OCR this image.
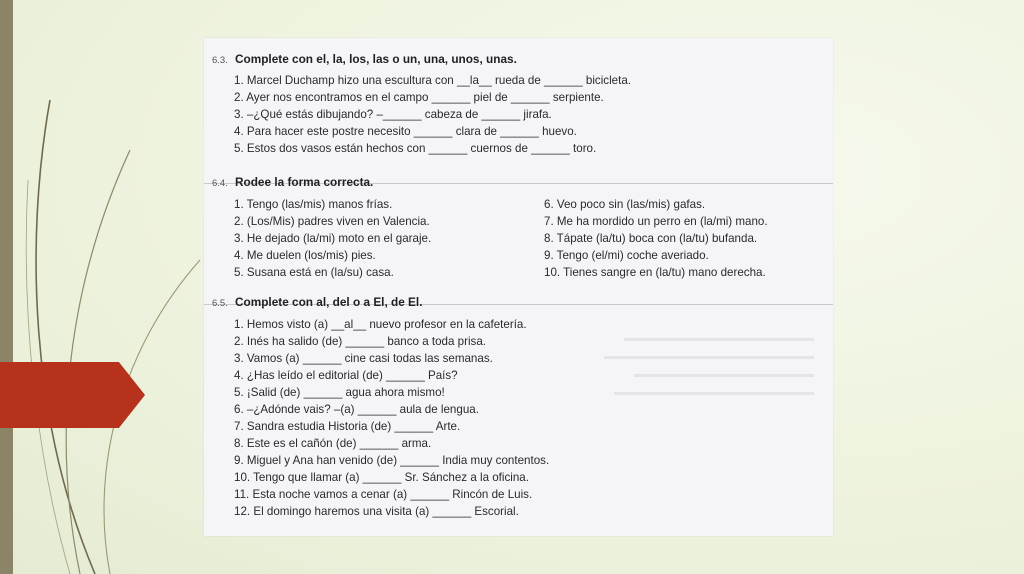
6.3. Complete con el, la, los, las o un, una, unos, unas.
1. Marcel Duchamp hizo una escultura con __la__ rueda de ______ bicicleta.
2. Ayer nos encontramos en el campo ______ piel de ______ serpiente.
3. –¿Qué estás dibujando? –______ cabeza de ______ jirafa.
4. Para hacer este postre necesito ______ clara de ______ huevo.
5. Estos dos vasos están hechos con ______ cuernos de ______ toro.
6.4. Rodee la forma correcta.
1. Tengo (las/mis) manos frías.
2. (Los/Mis) padres viven en Valencia.
3. He dejado (la/mi) moto en el garaje.
4. Me duelen (los/mis) pies.
5. Susana está en (la/su) casa.
6. Veo poco sin (las/mis) gafas.
7. Me ha mordido un perro en (la/mi) mano.
8. Tápate (la/tu) boca con (la/tu) bufanda.
9. Tengo (el/mi) coche averiado.
10. Tienes sangre en (la/tu) mano derecha.
6.5. Complete con al, del o a El, de El.
1. Hemos visto (a) __al__ nuevo profesor en la cafetería.
2. Inés ha salido (de) ______ banco a toda prisa.
3. Vamos (a) ______ cine casi todas las semanas.
4. ¿Has leído el editorial (de) ______ País?
5. ¡Salid (de) ______ agua ahora mismo!
6. –¿Adónde vais? –(a) ______ aula de lengua.
7. Sandra estudia Historia (de) ______ Arte.
8. Este es el cañón (de) ______ arma.
9. Miguel y Ana han venido (de) ______ India muy contentos.
10. Tengo que llamar (a) ______ Sr. Sánchez a la oficina.
11. Esta noche vamos a cenar (a) ______ Rincón de Luis.
12. El domingo haremos una visita (a) ______ Escorial.
